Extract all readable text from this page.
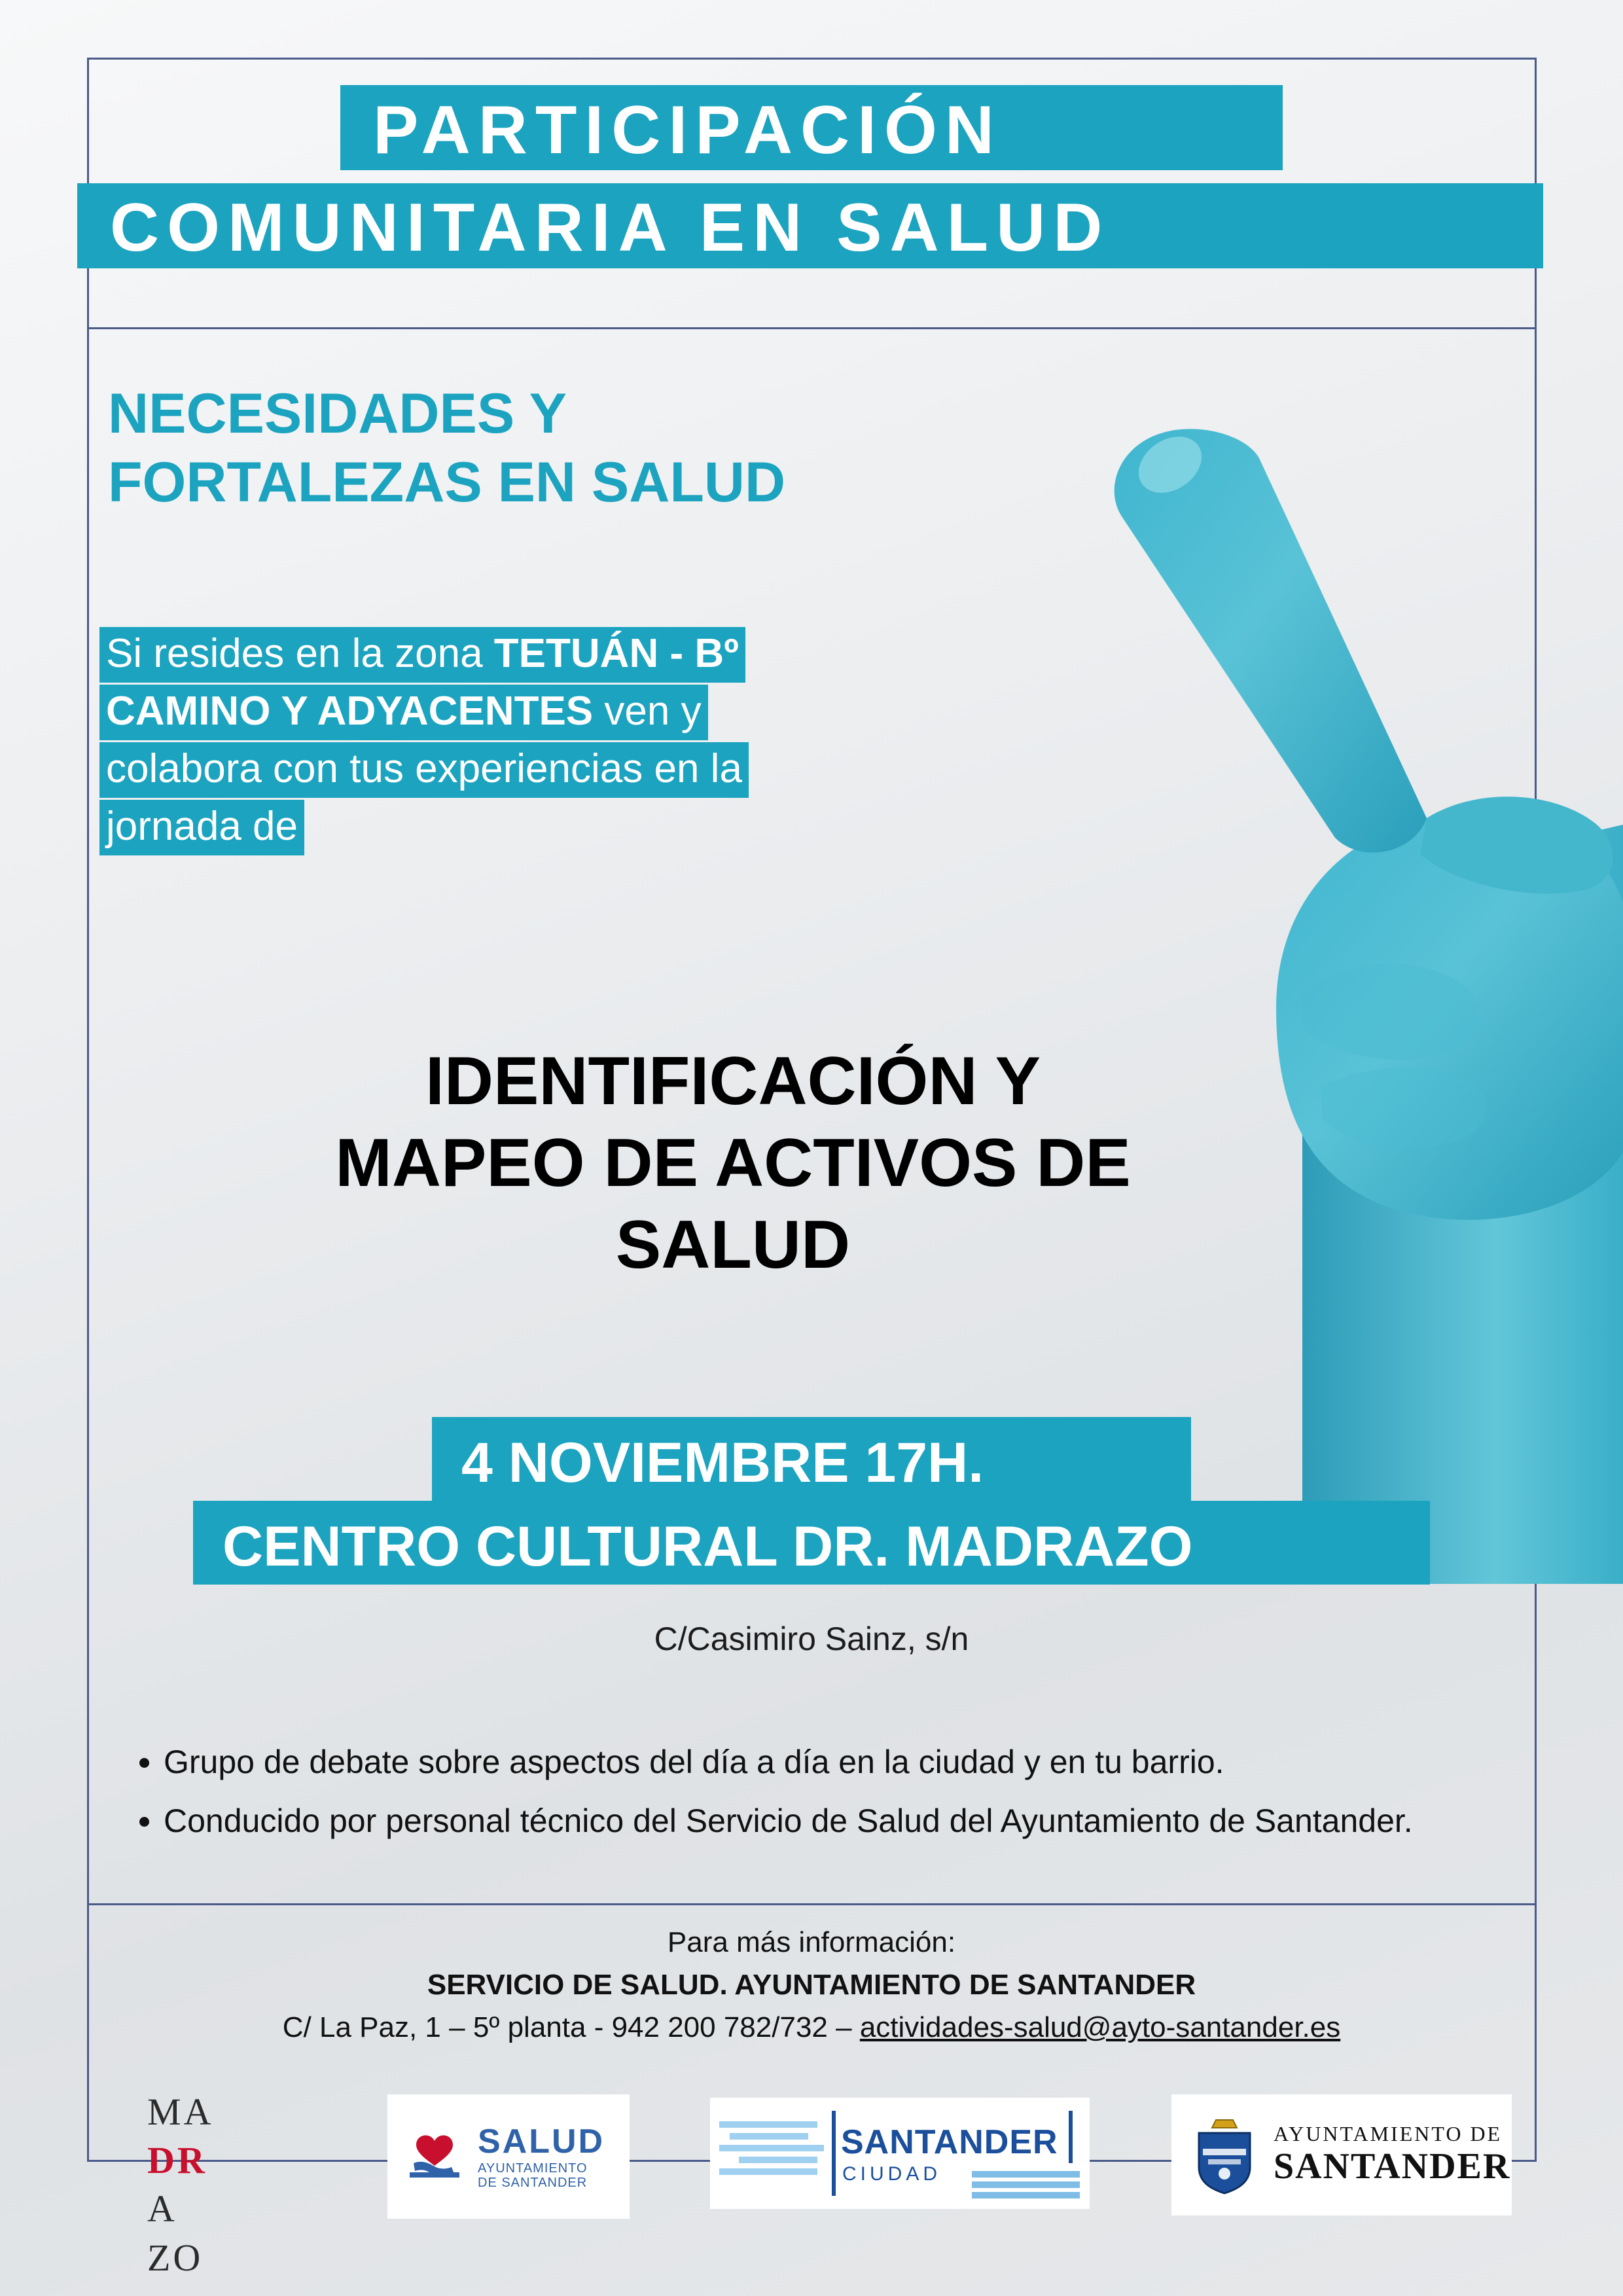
PARTICIPACIÓN
COMUNITARIA EN SALUD
NECESIDADES Y
FORTALEZAS EN SALUD
Si resides en la zona TETUÁN - Bº
CAMINO Y ADYACENTES ven y
colabora con tus experiencias en la
jornada de
IDENTIFICACIÓN Y
MAPEO DE ACTIVOS DE
SALUD
4 NOVIEMBRE 17H.
CENTRO CULTURAL DR. MADRAZO
C/Casimiro Sainz, s/n
• Grupo de debate sobre aspectos del día a día en la ciudad y en tu barrio.
• Conducido por personal técnico del Servicio de Salud del Ayuntamiento de Santander.
Para más información:
SERVICIO DE SALUD. AYUNTAMIENTO DE SANTANDER
C/ La Paz, 1 – 5º planta - 942 200 782/732 – actividades-salud@ayto-santander.es
MA
DR
A
ZO
SALUD
AYUNTAMIENTO
DE SANTANDER
SANTANDER
CIUDAD
AYUNTAMIENTO DE
SANTANDER
